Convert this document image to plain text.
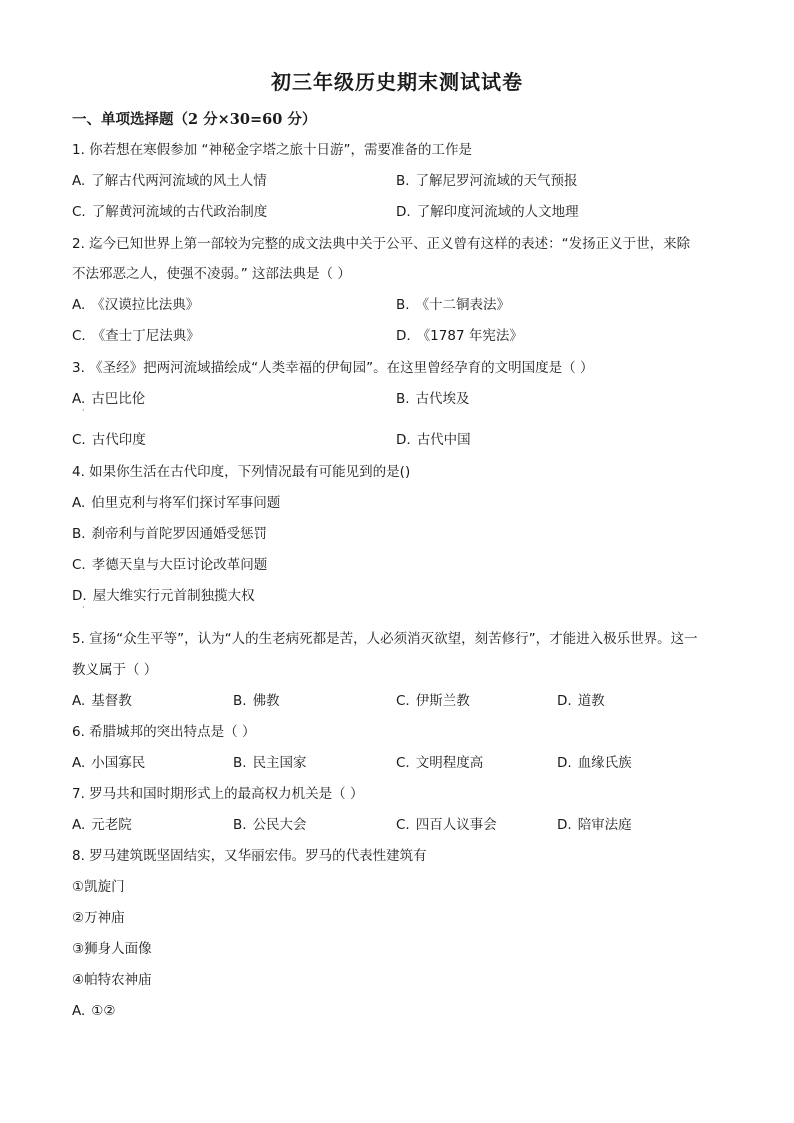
初三年级历史期末测试试卷
一、单项选择题（2 分×30=60 分）
1. 你若想在寒假参加 “神秘金字塔之旅十日游”，需要准备的工作是
A. 了解古代两河流域的风土人情	B. 了解尼罗河流域的天气预报
C. 了解黄河流域的古代政治制度	D. 了解印度河流域的人文地理
2. 迄今已知世界上第一部较为完整的成文法典中关于公平、正义曾有这样的表述：“发扬正义于世，来除
不法邪恶之人，使强不凌弱。” 这部法典是（ ）
A. 《汉谟拉比法典》	B. 《十二铜表法》
C. 《查士丁尼法典》	D. 《1787 年宪法》
3. 《圣经》把两河流域描绘成“人类幸福的伊甸园”。在这里曾经孕育的文明国度是（ ）
A. 古巴比伦
·
B. 古代埃及
C. 古代印度	D. 古代中国
4. 如果你生活在古代印度，下列情况最有可能见到的是()
A. 伯里克利与将军们探讨军事问题
B. 刹帝利与首陀罗因通婚受惩罚
C. 孝德天皇与大臣讨论改革问题
D. 屋大维实行元首制独揽大权
·
5. 宣扬“众生平等”，认为“人的生老病死都是苦，人必须消灭欲望，刻苦修行”，才能进入极乐世界。这一
教义属于（ ）
A. 基督教	B. 佛教	C. 伊斯兰教	D. 道教
6. 希腊城邦的突出特点是（ ）
A. 小国寡民	B. 民主国家	C. 文明程度高	D. 血缘氏族
7. 罗马共和国时期形式上的最高权力机关是（ ）
A. 元老院	B. 公民大会	C. 四百人议事会	D. 陪审法庭
8. 罗马建筑既坚固结实，又华丽宏伟。罗马的代表性建筑有
①凯旋门
②万神庙
③狮身人面像
④帕特农神庙
A. ①②
